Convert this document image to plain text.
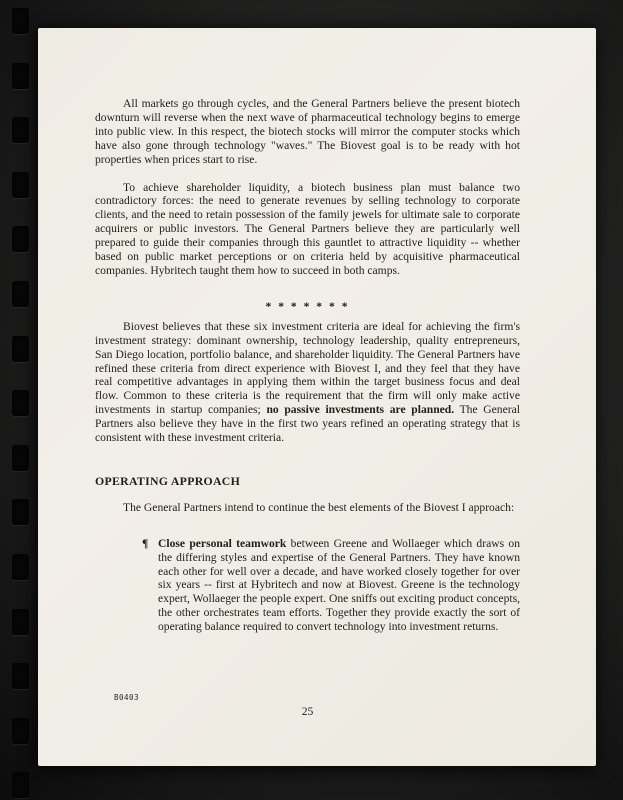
All markets go through cycles, and the General Partners believe the present biotech downturn will reverse when the next wave of pharmaceutical technology begins to emerge into public view. In this respect, the biotech stocks will mirror the computer stocks which have also gone through technology "waves." The Biovest goal is to be ready with hot properties when prices start to rise.

To achieve shareholder liquidity, a biotech business plan must balance two contradictory forces: the need to generate revenues by selling technology to corporate clients, and the need to retain possession of the family jewels for ultimate sale to corporate acquirers or public investors. The General Partners believe they are particularly well prepared to guide their companies through this gauntlet to attractive liquidity -- whether based on public market perceptions or on criteria held by acquisitive pharmaceutical companies. Hybritech taught them how to succeed in both camps.

* * * * * * *

Biovest believes that these six investment criteria are ideal for achieving the firm's investment strategy: dominant ownership, technology leadership, quality entrepreneurs, San Diego location, portfolio balance, and shareholder liquidity. The General Partners have refined these criteria from direct experience with Biovest I, and they feel that they have real competitive advantages in applying them within the target business focus and deal flow. Common to these criteria is the requirement that the firm will only make active investments in startup companies; no passive investments are planned. The General Partners also believe they have in the first two years refined an operating strategy that is consistent with these investment criteria.

OPERATING APPROACH

The General Partners intend to continue the best elements of the Biovest I approach:

¶ Close personal teamwork between Greene and Wollaeger which draws on the differing styles and expertise of the General Partners. They have known each other for well over a decade, and have worked closely together for over six years -- first at Hybritech and now at Biovest. Greene is the technology expert, Wollaeger the people expert. One sniffs out exciting product concepts, the other orchestrates team efforts. Together they provide exactly the sort of operating balance required to convert technology into investment returns.

B0403
25
